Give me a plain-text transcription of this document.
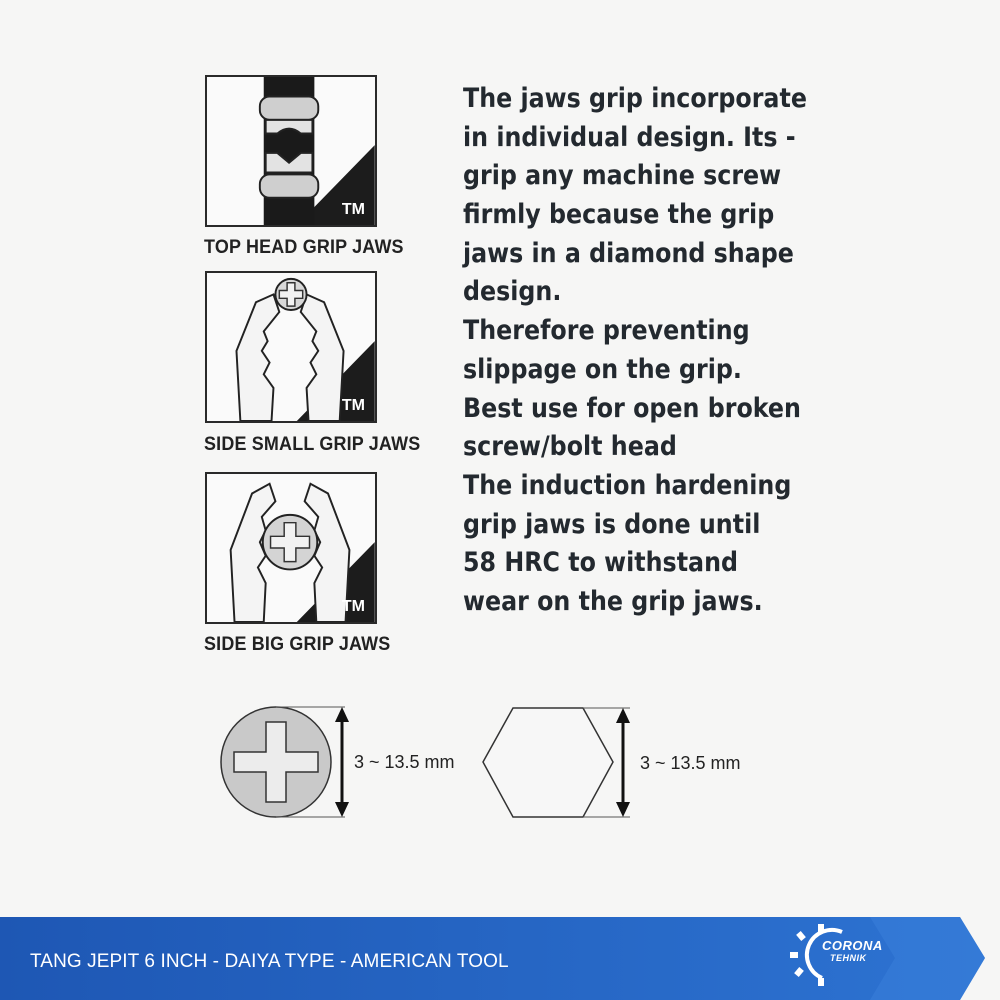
TM
TOP HEAD GRIP JAWS
TM
SIDE SMALL GRIP JAWS
TM
SIDE BIG GRIP JAWS
The jaws grip incorporate
in individual design. Its -
grip any machine screw
firmly because the grip
jaws in a diamond shape
design.
Therefore preventing
slippage on the grip.
Best use for open broken
screw/bolt head
The induction hardening
grip jaws is done until
58 HRC to withstand
wear on the grip jaws.
3 ~ 13.5 mm	3 ~ 13.5 mm
TANG JEPIT 6 INCH - DAIYA TYPE - AMERICAN TOOL
CORONA
TEHNIK
